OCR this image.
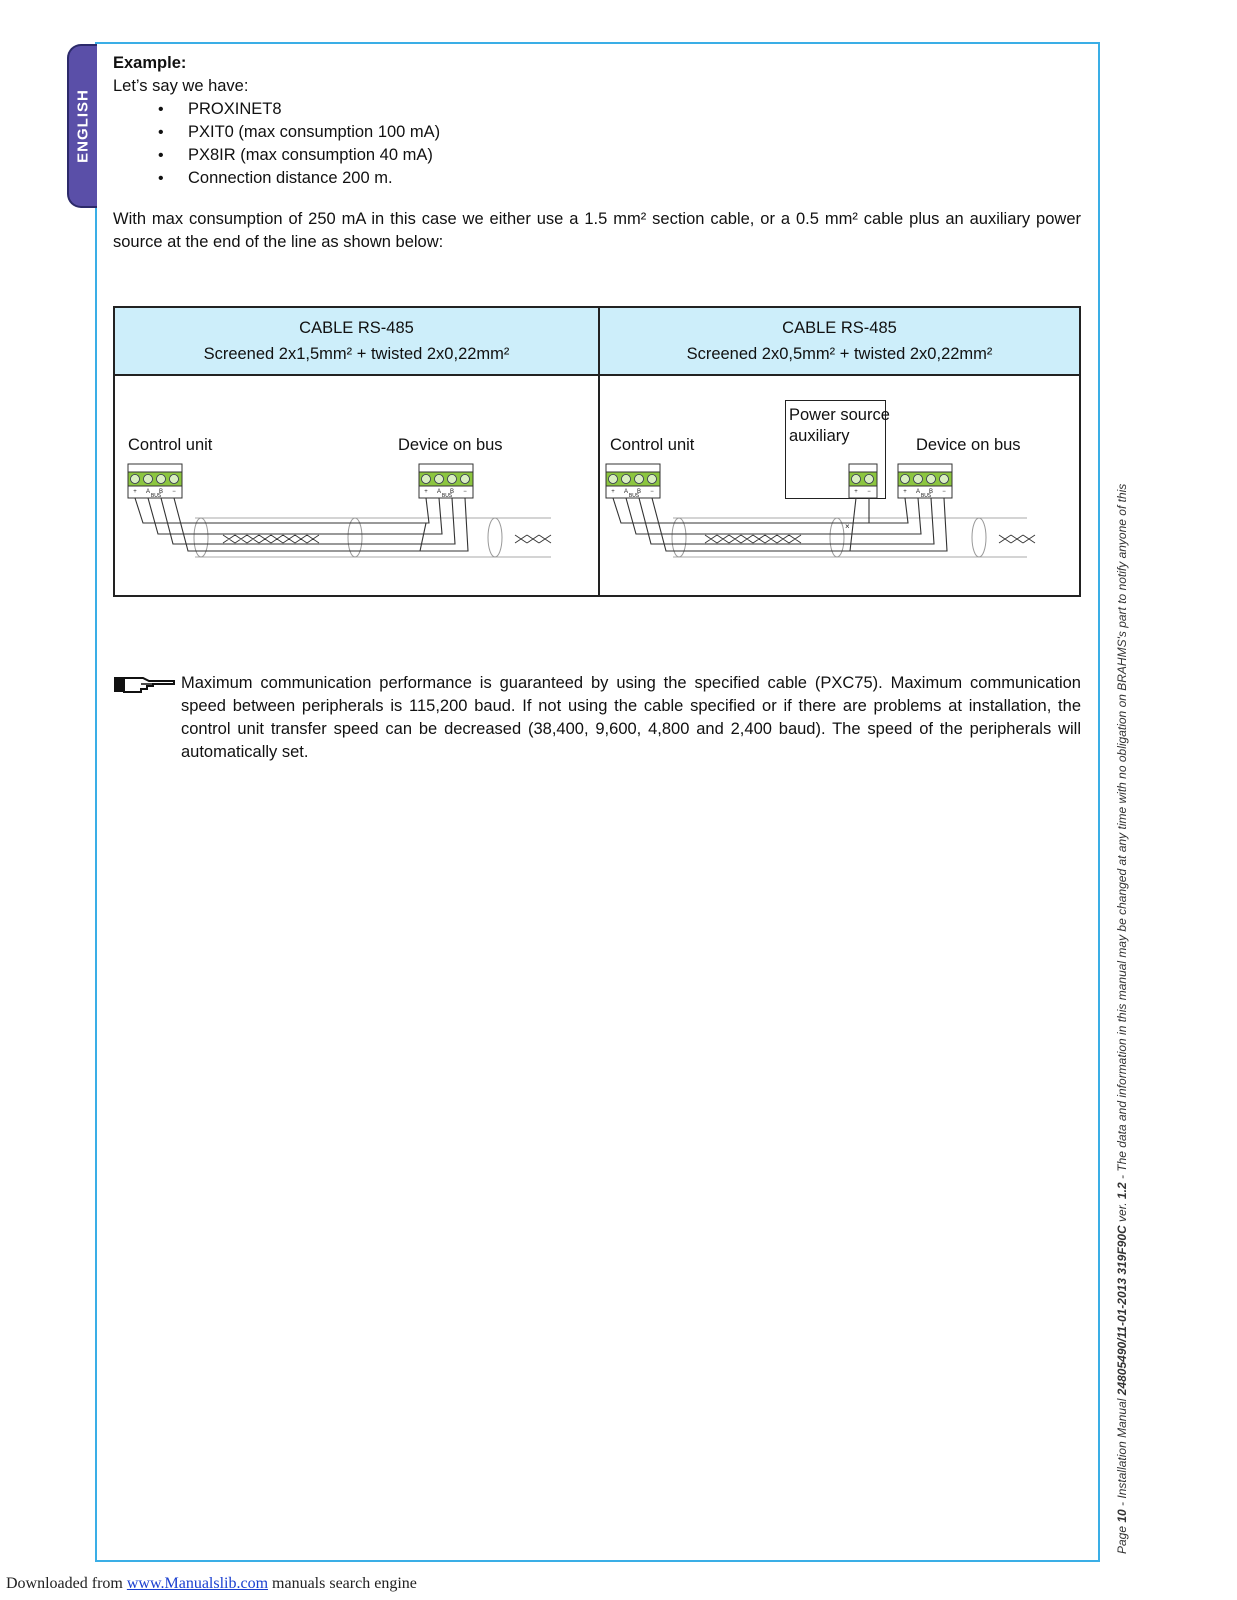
ENGLISH
Example:

Let’s say we have:

• PROXINET8
• PXIT0 (max consumption 100 mA)
• PX8IR (max consumption 40 mA)
• Connection distance 200 m.

With max consumption of 250 mA in this case we either use a 1.5 mm² section cable, or a 0.5 mm² cable plus an auxiliary power source at the end of the line as shown below:

CABLE RS-485
Screened 2x1,5mm² + twisted 2x0,22mm²
CABLE RS-485
Screened 2x0,5mm² + twisted 2x0,22mm²
Control unit	Device on bus	Control unit
Power source
auxiliary	Device on bus
+ A B −
BUS
+ A B −
BUS
+ A B −
BUS
+ −	+ A B −
BUS
×

Maximum communication performance is guaranteed by using the specified cable (PXC75). Maximum communication speed between peripherals is 115,200 baud. If not using the cable specified or if there are problems at installation, the control unit transfer speed can be decreased (38,400, 9,600, 4,800 and 2,400 baud). The speed of the peripherals will automatically set.

Page 10 - Installation Manual 24805490/11-01-2013 319F90C ver. 1.2 - The data and information in this manual may be changed at any time with no obligation on BRAHMS's part to notify anyone of this
Downloaded from www.Manualslib.com manuals search engine
